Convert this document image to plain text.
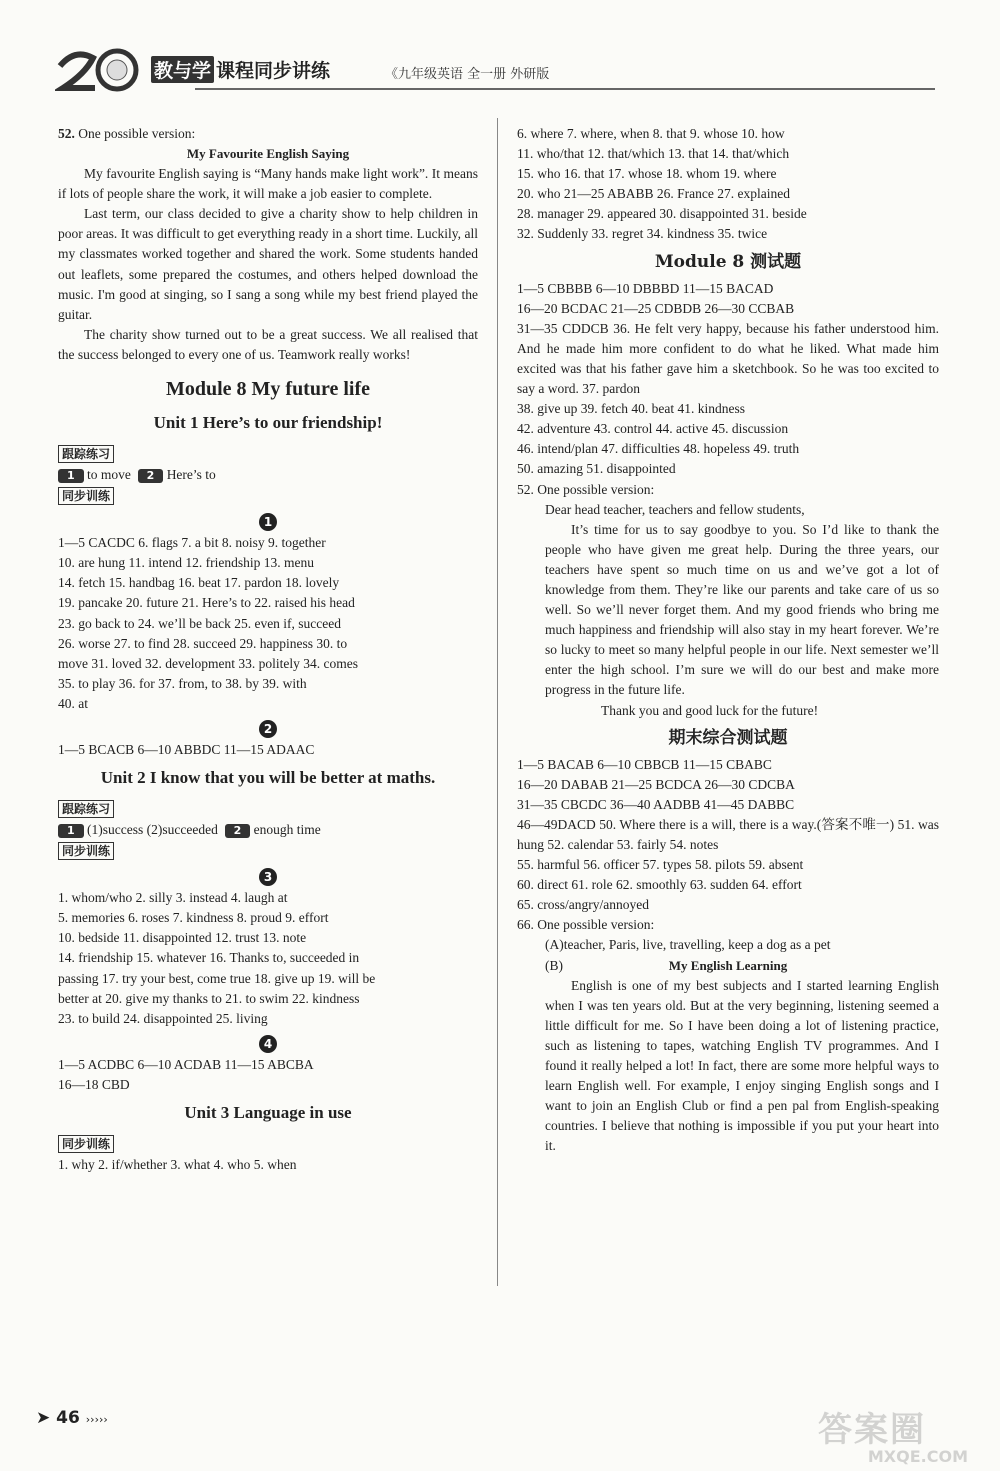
教与学 课程同步讲练	《九年级英语 全一册 外研版
52. One possible version:
My Favourite English Saying
My favourite English saying is “Many hands make light work”. It means if lots of people share the work, it will make a job easier to complete.
Last term, our class decided to give a charity show to help children in poor areas. It was difficult to get everything ready in a short time. Luckily, all my classmates worked together and shared the work. Some students handed out leaflets, some prepared the costumes, and others helped download the music. I'm good at singing, so I sang a song while my best friend played the guitar.
The charity show turned out to be a great success. We all realised that the success belonged to every one of us. Teamwork really works!
Module 8 My future life
Unit 1 Here’s to our friendship!
跟踪练习
1 to move 2 Here’s to
同步训练
1
1—5 CACDC 6. flags 7. a bit 8. noisy 9. together
10. are hung 11. intend 12. friendship 13. menu
14. fetch 15. handbag 16. beat 17. pardon 18. lovely
19. pancake 20. future 21. Here’s to 22. raised his head
23. go back to 24. we’ll be back 25. even if, succeed
26. worse 27. to find 28. succeed 29. happiness 30. to
move 31. loved 32. development 33. politely 34. comes
35. to play 36. for 37. from, to 38. by 39. with
40. at
2
1—5 BCACB 6—10 ABBDC 11—15 ADAAC
Unit 2 I know that you will be better at maths.
跟踪练习
1 (1)success (2)succeeded 2 enough time
同步训练
3
1. whom/who 2. silly 3. instead 4. laugh at
5. memories 6. roses 7. kindness 8. proud 9. effort
10. bedside 11. disappointed 12. trust 13. note
14. friendship 15. whatever 16. Thanks to, succeeded in
passing 17. try your best, come true 18. give up 19. will be
better at 20. give my thanks to 21. to swim 22. kindness
23. to build 24. disappointed 25. living
4
1—5 ACDBC 6—10 ACDAB 11—15 ABCBA
16—18 CBD
Unit 3 Language in use
同步训练
1. why 2. if/whether 3. what 4. who 5. when
6. where 7. where, when 8. that 9. whose 10. how
11. who/that 12. that/which 13. that 14. that/which
15. who 16. that 17. whose 18. whom 19. where
20. who 21—25 ABABB 26. France 27. explained
28. manager 29. appeared 30. disappointed 31. beside
32. Suddenly 33. regret 34. kindness 35. twice
Module 8 测试题
1—5 CBBBB 6—10 DBBBD 11—15 BACAD
16—20 BCDAC 21—25 CDBDB 26—30 CCBAB
31—35 CDDCB 36. He felt very happy, because his father understood him. And he made him more confident to do what he liked. What made him excited was that his father gave him a sketchbook. So he was too excited to say a word. 37. pardon
38. give up 39. fetch 40. beat 41. kindness
42. adventure 43. control 44. active 45. discussion
46. intend/plan 47. difficulties 48. hopeless 49. truth
50. amazing 51. disappointed
52. One possible version:
Dear head teacher, teachers and fellow students,
It’s time for us to say goodbye to you. So I’d like to thank the people who have given me great help. During the three years, our teachers have spent so much time on us and we’ve got a lot of knowledge from them. They’re like our parents and take care of us so well. So we’ll never forget them. And my good friends who bring me much happiness and friendship will also stay in my heart forever. We’re so lucky to meet so many helpful people in our life. Next semester we’ll enter the high school. I’m sure we will do our best and make more progress in the future life.
Thank you and good luck for the future!
期末综合测试题
1—5 BACAB 6—10 CBBCB 11—15 CBABC
16—20 DABAB 21—25 BCDCA 26—30 CDCBA
31—35 CBCDC 36—40 AADBB 41—45 DABBC
46—49DACD 50. Where there is a will, there is a way.(答案不唯一) 51. was hung 52. calendar 53. fairly 54. notes
55. harmful 56. officer 57. types 58. pilots 59. absent
60. direct 61. role 62. smoothly 63. sudden 64. effort
65. cross/angry/annoyed
66. One possible version:
(A)teacher, Paris, live, travelling, keep a dog as a pet
(B)	My English Learning
English is one of my best subjects and I started learning English when I was ten years old. But at the very beginning, listening seemed a little difficult for me. So I have been doing a lot of listening practice, such as listening to tapes, watching English TV programmes. And I found it really helped a lot! In fact, there are some more helpful ways to learn English well. For example, I enjoy singing English songs and I want to join an English Club or find a pen pal from English-speaking countries. I believe that nothing is impossible if you put your heart into it.
➤ 46 ›››››	答案圈
MXQE.COM
